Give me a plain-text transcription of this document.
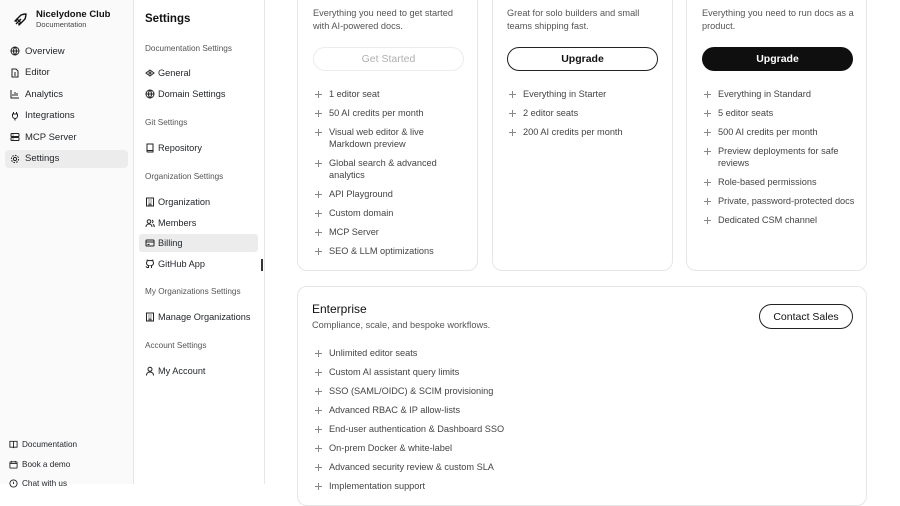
Nicelydone Club
Documentation
Overview
Editor
Analytics
Integrations
MCP Server
Settings
Documentation
Book a demo
Chat with us
Settings
Documentation Settings
General
Domain Settings
Git Settings
Repository
Organization Settings
Organization
Members
Billing
GitHub App
My Organizations Settings
Manage Organizations
Account Settings
My Account
Everything you need to get started with AI-powered docs.
Get Started
1 editor seat
50 AI credits per month
Visual web editor & live Markdown preview
Global search & advanced analytics
API Playground
Custom domain
MCP Server
SEO & LLM optimizations
Great for solo builders and small teams shipping fast.
Upgrade
Everything in Starter
2 editor seats
200 AI credits per month
Everything you need to run docs as a product.
Upgrade
Everything in Standard
5 editor seats
500 AI credits per month
Preview deployments for safe reviews
Role-based permissions
Private, password-protected docs
Dedicated CSM channel
Enterprise
Compliance, scale, and bespoke workflows.
Contact Sales
Unlimited editor seats
Custom AI assistant query limits
SSO (SAML/OIDC) & SCIM provisioning
Advanced RBAC & IP allow-lists
End-user authentication & Dashboard SSO
On-prem Docker & white-label
Advanced security review & custom SLA
Implementation support
